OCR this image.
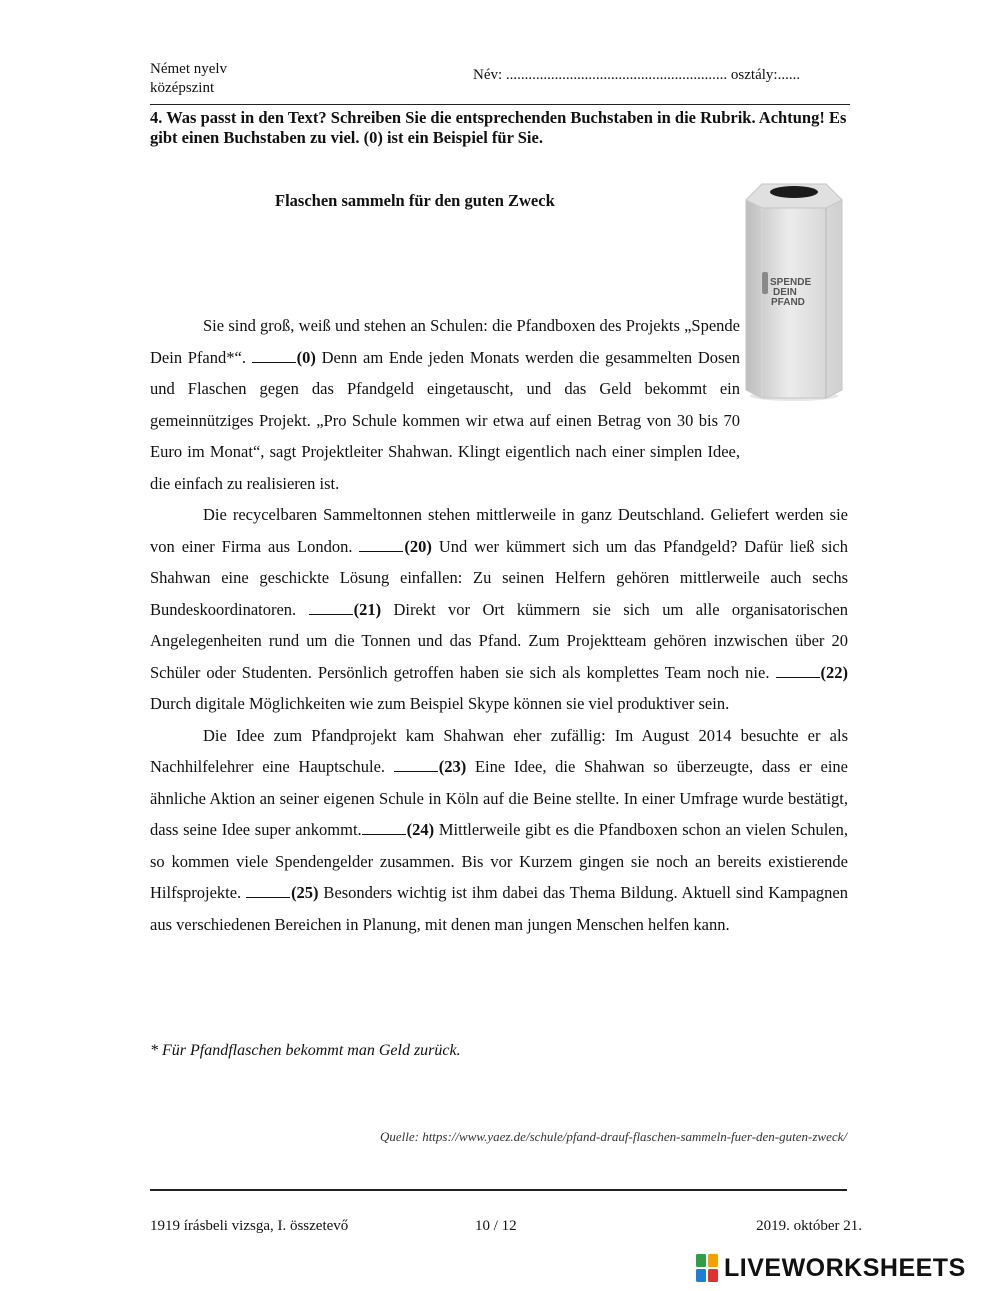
Német nyelv
középszint
Név: ........................................................... osztály:......
4. Was passt in den Text? Schreiben Sie die entsprechenden Buchstaben in die Rubrik. Achtung! Es gibt einen Buchstaben zu viel. (0) ist ein Beispiel für Sie.
Flaschen sammeln für den guten Zweck
SPENDE
DEIN
PFAND

Sie sind groß, weiß und stehen an Schulen: die Pfandboxen des Projekts „Spende Dein Pfand*“.	(0) Denn am Ende jeden Monats werden die gesammelten Dosen und Flaschen gegen das Pfandgeld eingetauscht, und das Geld bekommt ein gemeinnütziges Projekt. „Pro Schule kommen wir etwa auf einen Betrag von 30 bis 70 Euro im Monat“, sagt Projektleiter Shahwan. Klingt eigentlich nach einer simplen Idee, die einfach zu realisieren ist.

Die recycelbaren Sammeltonnen stehen mittlerweile in ganz Deutschland. Geliefert werden sie von einer Firma aus London.	(20) Und wer kümmert sich um das Pfandgeld? Dafür ließ sich Shahwan eine geschickte Lösung einfallen: Zu seinen Helfern gehören mittlerweile auch sechs Bundeskoordinatoren.	(21) Direkt vor Ort kümmern sie sich um alle organisatorischen Angelegenheiten rund um die Tonnen und das Pfand. Zum Projektteam gehören inzwischen über 20 Schüler oder Studenten. Persönlich getroffen haben sie sich als komplettes Team noch nie.	(22) Durch digitale Möglichkeiten wie zum Beispiel Skype können sie viel produktiver sein.

Die Idee zum Pfandprojekt kam Shahwan eher zufällig: Im August 2014 besuchte er als Nachhilfelehrer eine Hauptschule.	(23) Eine Idee, die Shahwan so überzeugte, dass er eine ähnliche Aktion an seiner eigenen Schule in Köln auf die Beine stellte. In einer Umfrage wurde bestätigt, dass seine Idee super ankommt.	(24) Mittlerweile gibt es die Pfandboxen schon an vielen Schulen, so kommen viele Spendengelder zusammen. Bis vor Kurzem gingen sie noch an bereits existierende Hilfsprojekte.	(25) Besonders wichtig ist ihm dabei das Thema Bildung. Aktuell sind Kampagnen aus verschiedenen Bereichen in Planung, mit denen man jungen Menschen helfen kann.

* Für Pfandflaschen bekommt man Geld zurück.
Quelle: https://www.yaez.de/schule/pfand-drauf-flaschen-sammeln-fuer-den-guten-zweck/
1919 írásbeli vizsga, I. összetevő	10 / 12	2019. október 21.
LIVEWORKSHEETS
